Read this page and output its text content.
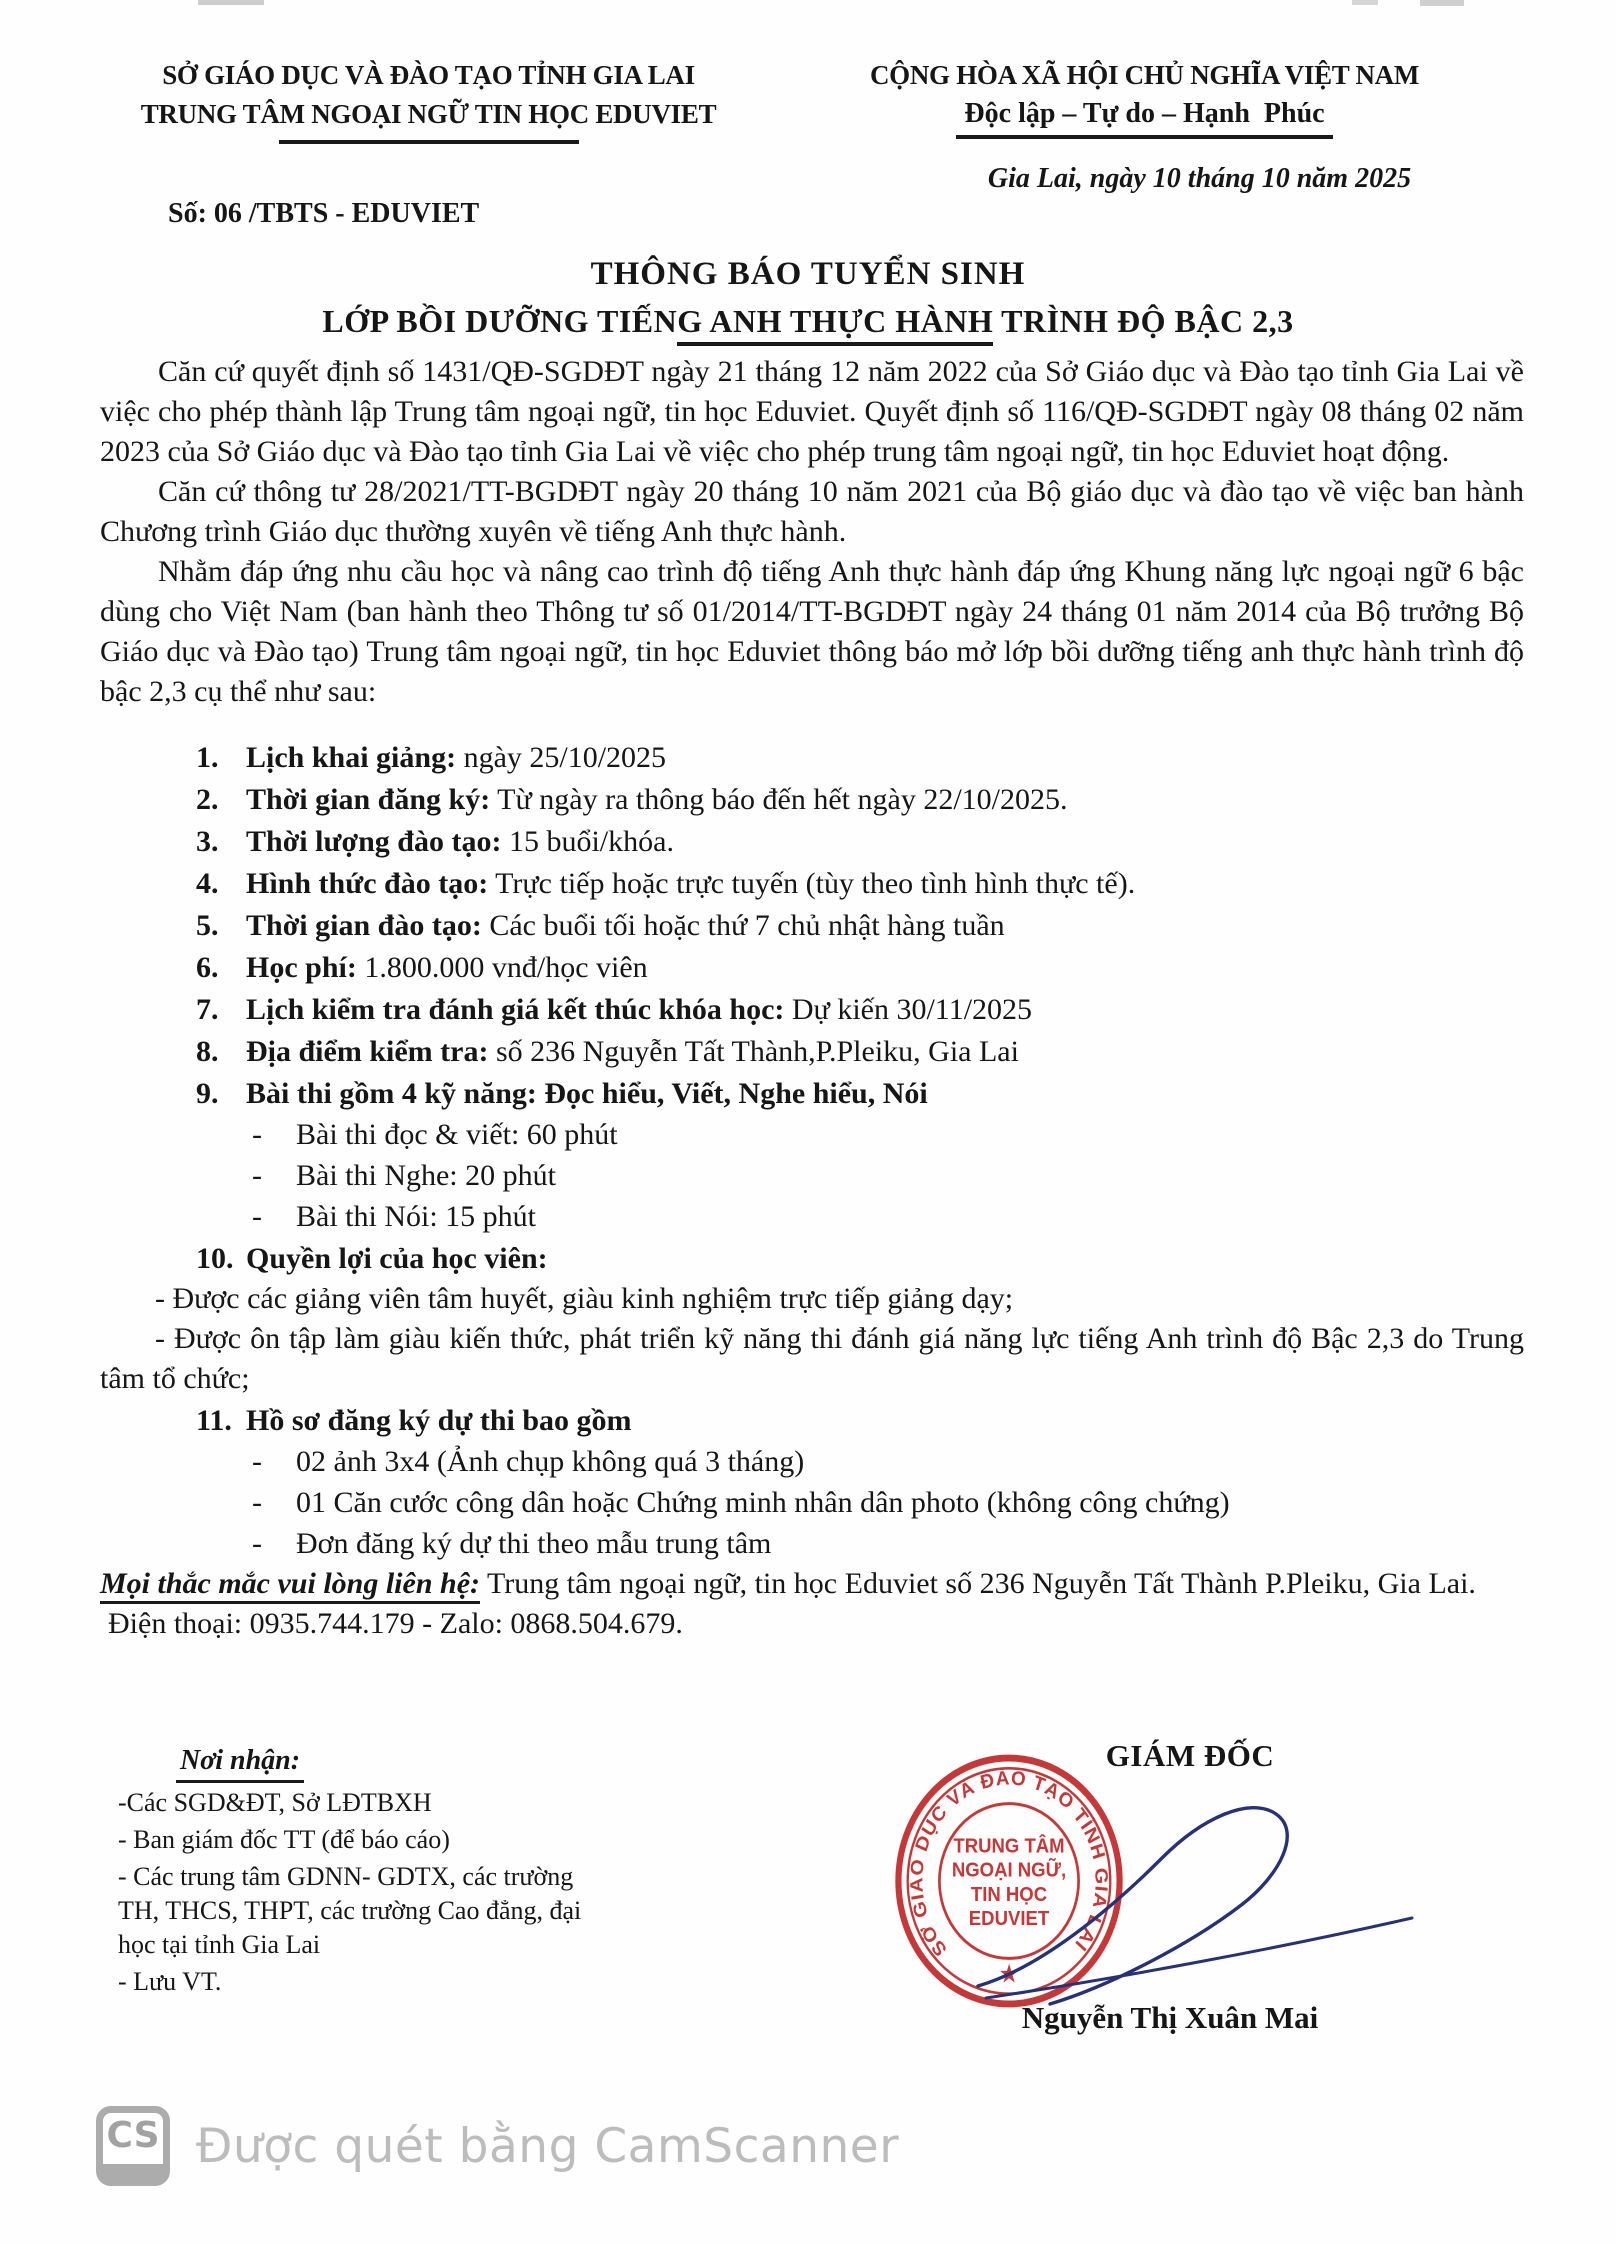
SỞ GIÁO DỤC VÀ ĐÀO TẠO TỈNH GIA LAI
TRUNG TÂM NGOẠI NGỮ TIN HỌC EDUVIET
CỘNG HÒA XÃ HỘI CHỦ NGHĨA VIỆT NAM
Độc lập – Tự do – Hạnh  Phúc
Gia Lai, ngày 10 tháng 10 năm 2025
Số: 06 /TBTS - EDUVIET
THÔNG BÁO TUYỂN SINH
LỚP BỒI DƯỠNG TIẾNG ANH THỰC HÀNH TRÌNH ĐỘ BẬC 2,3

Căn cứ quyết định số 1431/QĐ-SGDĐT ngày 21 tháng 12 năm 2022 của Sở Giáo dục và Đào tạo tỉnh Gia Lai về việc cho phép thành lập Trung tâm ngoại ngữ, tin học Eduviet. Quyết định số 116/QĐ-SGDĐT ngày 08 tháng 02 năm 2023 của Sở Giáo dục và Đào tạo tỉnh Gia Lai về việc cho phép trung tâm ngoại ngữ, tin học Eduviet hoạt động.

Căn cứ thông tư 28/2021/TT-BGDĐT ngày 20 tháng 10 năm 2021 của Bộ giáo dục và đào tạo về việc ban hành Chương trình Giáo dục thường xuyên về tiếng Anh thực hành.

Nhằm đáp ứng nhu cầu học và nâng cao trình độ tiếng Anh thực hành đáp ứng Khung năng lực ngoại ngữ 6 bậc dùng cho Việt Nam (ban hành theo Thông tư số 01/2014/TT-BGDĐT ngày 24 tháng 01 năm 2014 của Bộ trưởng Bộ Giáo dục và Đào tạo) Trung tâm ngoại ngữ, tin học Eduviet thông báo mở lớp bồi dưỡng tiếng anh thực hành trình độ bậc 2,3 cụ thể như sau:

1. Lịch khai giảng: ngày 25/10/2025
2. Thời gian đăng ký: Từ ngày ra thông báo đến hết ngày 22/10/2025.
3. Thời lượng đào tạo: 15 buổi/khóa.
4. Hình thức đào tạo: Trực tiếp hoặc trực tuyến (tùy theo tình hình thực tế).
5. Thời gian đào tạo: Các buổi tối hoặc thứ 7 chủ nhật hàng tuần
6. Học phí: 1.800.000 vnđ/học viên
7. Lịch kiểm tra đánh giá kết thúc khóa học: Dự kiến 30/11/2025
8. Địa điểm kiểm tra: số 236 Nguyễn Tất Thành,P.Pleiku, Gia Lai
9. Bài thi gồm 4 kỹ năng: Đọc hiểu, Viết, Nghe hiểu, Nói
- Bài thi đọc & viết: 60 phút
- Bài thi Nghe: 20 phút
- Bài thi Nói: 15 phút
10. Quyền lợi của học viên:

- Được các giảng viên tâm huyết, giàu kinh nghiệm trực tiếp giảng dạy;

- Được ôn tập làm giàu kiến thức, phát triển kỹ năng thi đánh giá năng lực tiếng Anh trình độ Bậc 2,3 do Trung tâm tổ chức;

11. Hồ sơ đăng ký dự thi bao gồm
- 02 ảnh 3x4 (Ảnh chụp không quá 3 tháng)
- 01 Căn cước công dân hoặc Chứng minh nhân dân photo (không công chứng)
- Đơn đăng ký dự thi theo mẫu trung tâm

Mọi thắc mắc vui lòng liên hệ: Trung tâm ngoại ngữ, tin học Eduviet số 236 Nguyễn Tất Thành P.Pleiku, Gia Lai.

Điện thoại: 0935.744.179 - Zalo: 0868.504.679.

Nơi nhận:
-Các SGD&ĐT, Sở LĐTBXH
- Ban giám đốc TT (để báo cáo)
- Các trung tâm GDNN- GDTX, các trường TH, THCS, THPT, các trường Cao đẳng, đại học tại tỉnh Gia Lai
- Lưu VT.
GIÁM ĐỐC
SỞ GIÁO DỤC VÀ ĐÀO TẠO TỈNH GIA LAI
TRUNG TÂM
NGOẠI NGỮ,
TIN HỌC
EDUVIET
★
Nguyễn Thị Xuân Mai
CS Được quét bằng CamScanner
